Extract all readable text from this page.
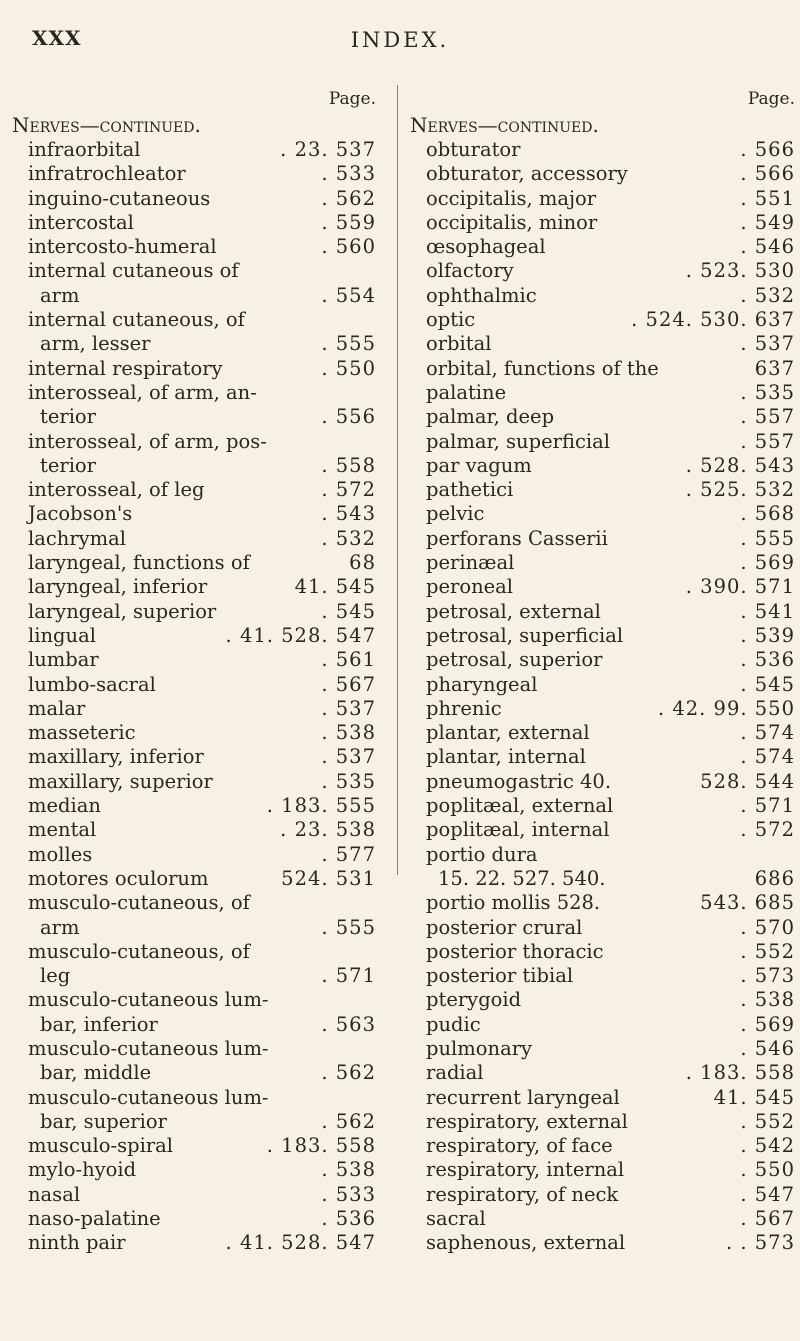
XXX	INDEX.
Page.
Nerves—continued.
infraorbital	. 23. 537
infratrochleator	. 533
inguino-cutaneous	. 562
intercostal	. 559
intercosto-humeral	. 560
internal cutaneous of
arm	. 554
internal cutaneous, of
arm, lesser	. 555
internal respiratory	. 550
interosseal, of arm, an-
terior	. 556
interosseal, of arm, pos-
terior	. 558
interosseal, of leg	. 572
Jacobson's	. 543
lachrymal	. 532
laryngeal, functions of	68
laryngeal, inferior	41. 545
laryngeal, superior	. 545
lingual	. 41. 528. 547
lumbar	. 561
lumbo-sacral	. 567
malar	. 537
masseteric	. 538
maxillary, inferior	. 537
maxillary, superior	. 535
median	. 183. 555
mental	. 23. 538
molles	. 577
motores oculorum	524. 531
musculo-cutaneous, of
arm	. 555
musculo-cutaneous, of
leg	. 571
musculo-cutaneous lum-
bar, inferior	. 563
musculo-cutaneous lum-
bar, middle	. 562
musculo-cutaneous lum-
bar, superior	. 562
musculo-spiral	. 183. 558
mylo-hyoid	. 538
nasal	. 533
naso-palatine	. 536
ninth pair	. 41. 528. 547
Page.
Nerves—continued.
obturator	. 566
obturator, accessory	. 566
occipitalis, major	. 551
occipitalis, minor	. 549
œsophageal	. 546
olfactory	. 523. 530
ophthalmic	. 532
optic	. 524. 530. 637
orbital	. 537
orbital, functions of the	637
palatine	. 535
palmar, deep	. 557
palmar, superficial	. 557
par vagum	. 528. 543
pathetici	. 525. 532
pelvic	. 568
perforans Casserii	. 555
perinæal	. 569
peroneal	. 390. 571
petrosal, external	. 541
petrosal, superficial	. 539
petrosal, superior	. 536
pharyngeal	. 545
phrenic	. 42. 99. 550
plantar, external	. 574
plantar, internal	. 574
pneumogastric 40.	528. 544
poplitæal, external	. 571
poplitæal, internal	. 572
portio dura
15. 22. 527. 540.	686
portio mollis 528.	543. 685
posterior crural	. 570
posterior thoracic	. 552
posterior tibial	. 573
pterygoid	. 538
pudic	. 569
pulmonary	. 546
radial	. 183. 558
recurrent laryngeal	41. 545
respiratory, external	. 552
respiratory, of face	. 542
respiratory, internal	. 550
respiratory, of neck	. 547
sacral	. 567
saphenous, external	. . 573
